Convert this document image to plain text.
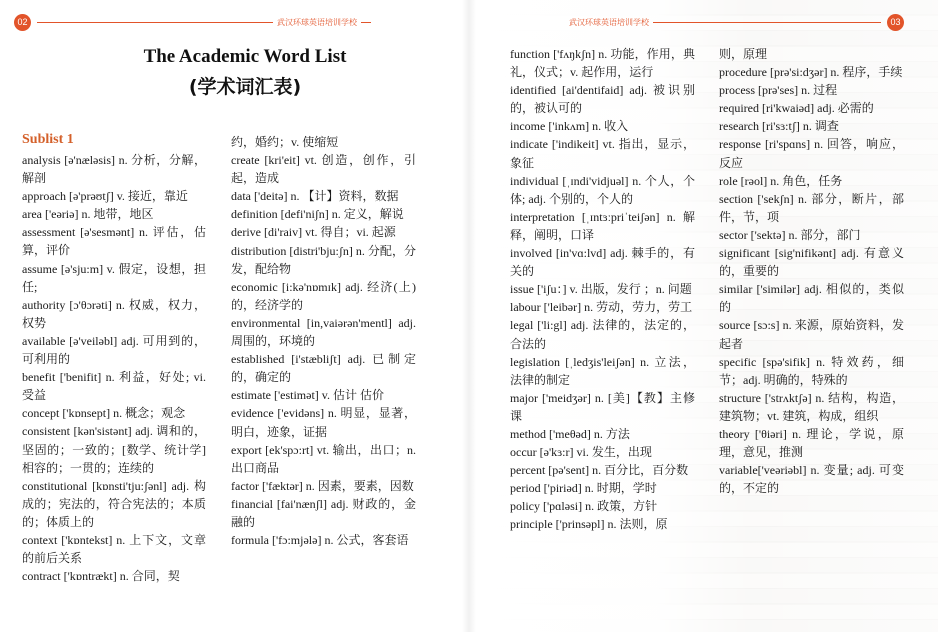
02	武汉环球英语培训学校
The Academic Word List
(学术词汇表)
Sublist 1

analysis [ə'næləsis] n. 分析，分解，解剖

approach [ə'prəʊtʃ] v. 接近，靠近

area ['eəriə] n. 地带，地区

assessment [ə'sesmənt] n. 评估，估算，评价

assume [ə'sju:m] v. 假定，设想，担任;

authority [ɔ'θɔrəti] n. 权威，权力，权势

available [ə'veiləbl] adj. 可用到的，可利用的

benefit ['benifit] n. 利益，好处; vi. 受益

concept ['kɒnsept] n. 概念；观念

consistent [kən'sistənt] adj. 调和的，坚固的；一致的；[数学、统计学]相容的；一贯的；连续的

constitutional [kɒnsti'tju:ʃənl] adj. 构成的；宪法的，符合宪法的；本质的；体质上的

context ['kɒntekst] n. 上下文，文章的前后关系

contract ['kɒntrækt] n. 合同，契

约，婚约；v. 使缩短

create [kri'eit] vt. 创造，创作，引起，造成

data ['deitə] n. 【计】资料，数据

definition [defi'niʃn] n. 定义，解说

derive [di'raiv] vt. 得自；vi. 起源

distribution [distri'bju:ʃn] n. 分配，分发，配给物

economic [i:kə'nɒmɪk] adj. 经济(上)的，经济学的

environmental [in,vaiərən'mentl] adj. 周围的，环境的

established [i'stæbliʃt] adj. 已制定的，确定的

estimate ['estimət] v. 估计 估价

evidence ['evidəns] n. 明显，显著，明白，迹象，证据

export [ek'spɔ:rt] vt. 输出，出口；n. 出口商品

factor ['fæktər] n. 因素，要素，因数

financial [fai'nænʃl] adj. 财政的，金融的

formula ['fɔ:mjələ] n. 公式，客套语

武汉环球英语培训学校	03

function ['fʌŋkʃn] n. 功能，作用，典礼，仪式；v. 起作用，运行

identified [ai'dentifaid] adj. 被识别的，被认可的

income ['inkʌm] n. 收入

indicate ['indikeit] vt. 指出，显示，象征

individual [ˌɪndi'vidjuəl] n. 个人，个体; adj. 个别的，个人的

interpretation [ˌɪntɜːpriˈteiʃən] n. 解释，阐明，口译

involved [in'vɑ:lvd] adj. 棘手的，有关的

issue ['iʃu：] v. 出版，发行 ；n. 问题

labour ['leibər] n. 劳动，劳力，劳工

legal ['li:gl] adj. 法律的，法定的，合法的

legislation [ˌledʒis'leiʃən] n. 立法，法律的制定

major ['meidʒər] n. [美]【教】主修课

method ['meθəd] n. 方法

occur [ə'kɜ:r] vi. 发生，出现

percent [pə'sent] n. 百分比，百分数

period ['piriəd] n. 时期，学时

policy ['pɑləsi] n. 政策，方针

principle ['prinsəpl] n. 法则，原

则，原理

procedure [prə'si:dʒər] n. 程序，手续

process [prə'ses] n. 过程

required [ri'kwaiəd] adj. 必需的

research [ri'sɜ:tʃ] n. 调查

response [ri'spɑns] n. 回答，响应，反应

role [rəol] n. 角色，任务

section ['sekʃn] n. 部分，断片，部件，节，项

sector ['sektə] n. 部分，部门

significant [sig'nifikənt] adj. 有意义的，重要的

similar ['similər] adj. 相似的，类似的

source [sɔ:s] n. 来源，原始资料，发起者

specific [spə'sifik] n. 特效药，细节；adj. 明确的，特殊的

structure ['strʌktʃə] n. 结构，构造，建筑物；vt. 建筑，构成，组织

theory ['θiəri] n. 理论，学说，原理，意见，推测

variable['veəriəbl] n. 变量; adj. 可变的，不定的
